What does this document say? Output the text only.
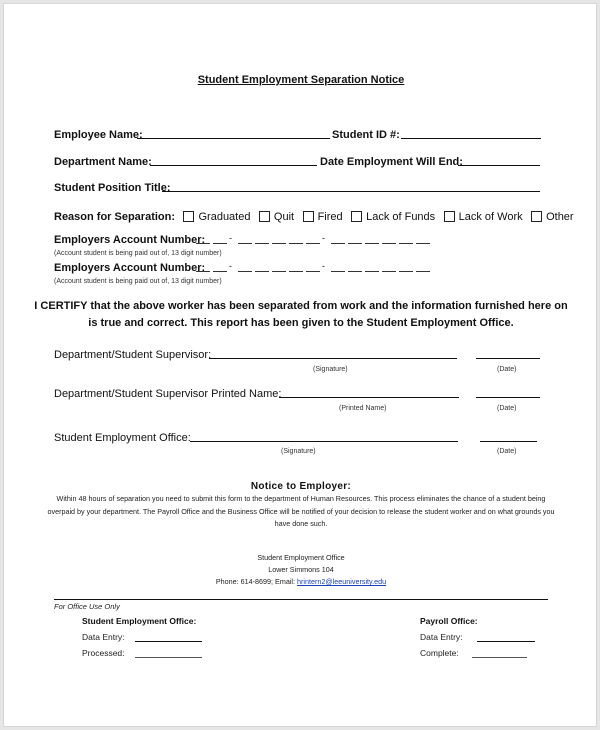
Student Employment Separation Notice
Employee Name:	Student ID #:
Department Name:	Date Employment Will End:
Student Position Title:
Reason for Separation: Graduated Quit Fired Lack of Funds Lack of Work Other
Employers Account Number:	-	-
(Account student is being paid out of, 13 digit number)
Employers Account Number:	-	-
(Account student is being paid out of, 13 digit number)
I CERTIFY that the above worker has been separated from work and the information furnished here on
is true and correct. This report has been given to the Student Employment Office.
Department/Student Supervisor:
(Signature)	(Date)
Department/Student Supervisor Printed Name:
(Printed Name)	(Date)
Student Employment Office:
(Signature)	(Date)
Notice to Employer:
Within 48 hours of separation you need to submit this form to the department of Human Resources. This process eliminates the chance of a student being overpaid by your department. The Payroll Office and the Business Office will be notified of your decision to release the student worker and on what grounds you have done such.
Student Employment Office
Lower Simmons 104
Phone: 614-8699; Email: hrintern2@leeuniversity.edu
For Office Use Only
Student Employment Office:
Data Entry:
Processed:
Payroll Office:
Data Entry:
Complete:
